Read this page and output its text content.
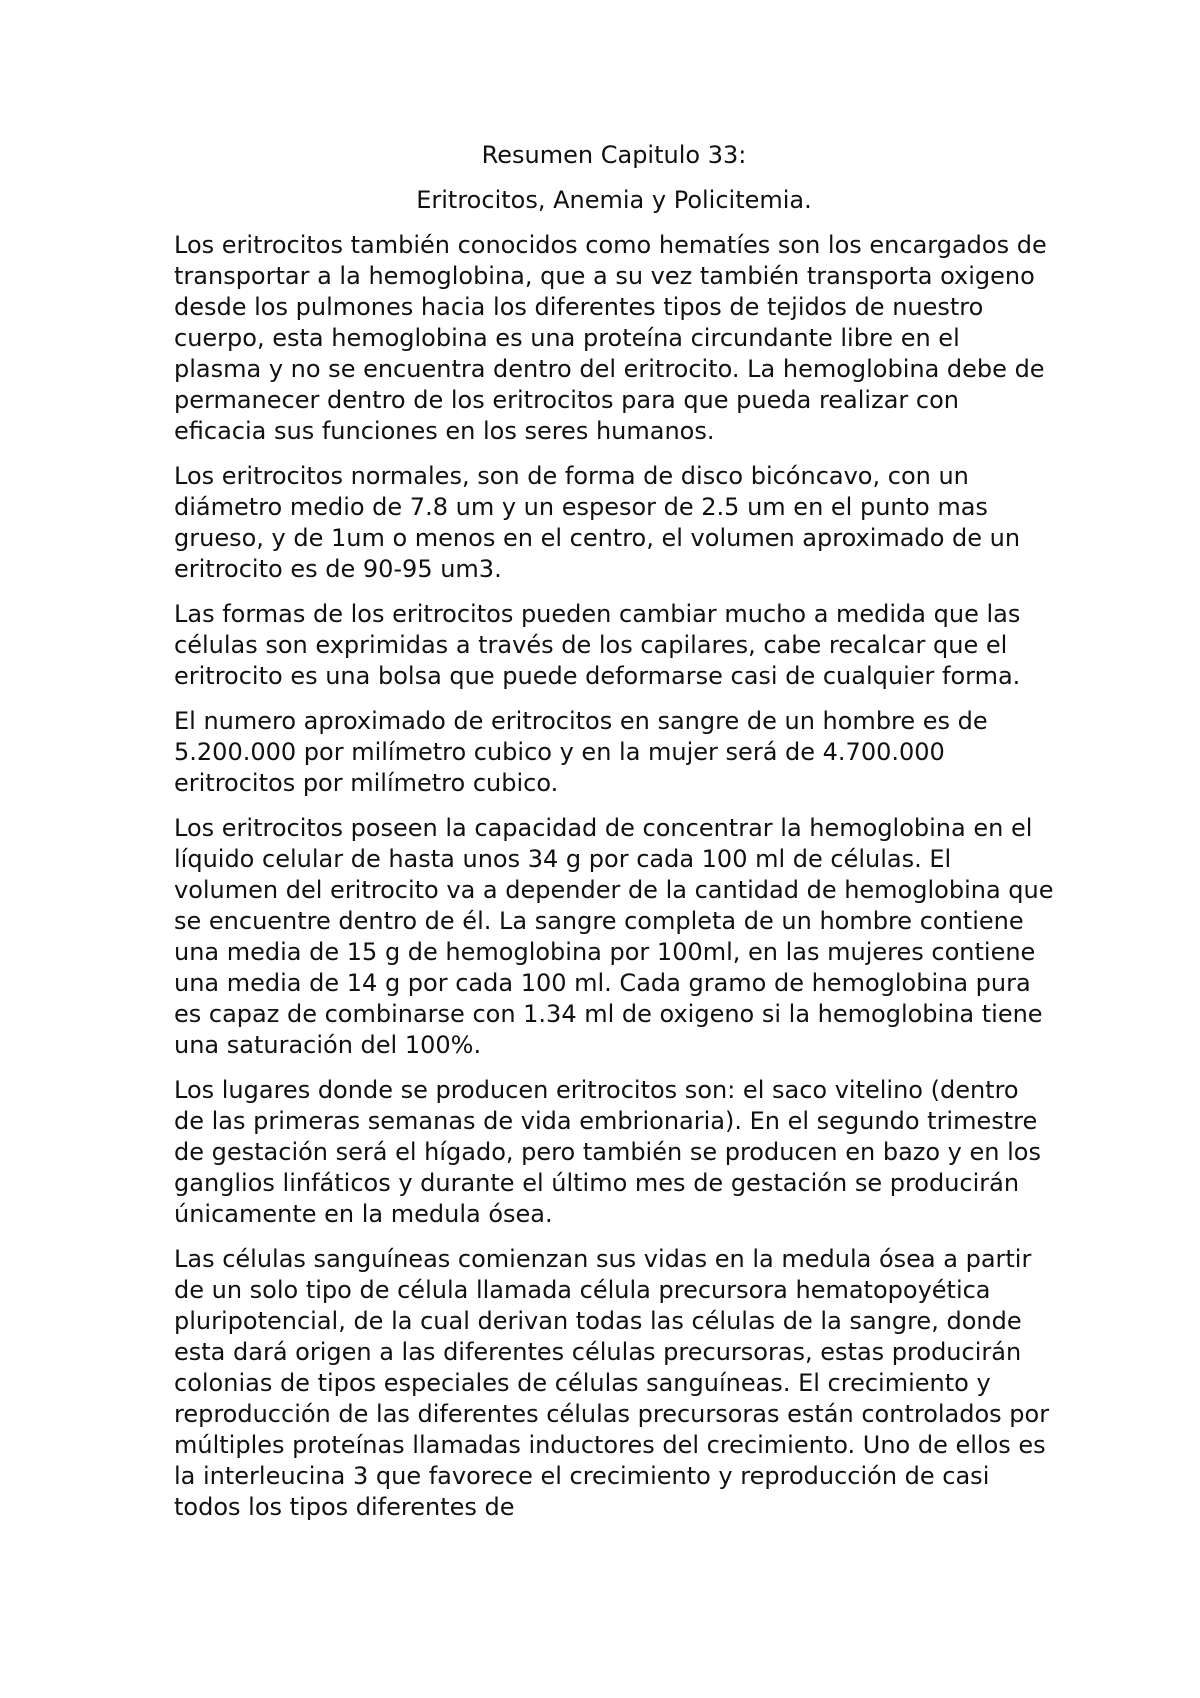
Resumen Capitulo 33:

Eritrocitos, Anemia y Policitemia.

Los eritrocitos también conocidos como hematíes son los encargados de transportar a la hemoglobina, que a su vez también transporta oxigeno desde los pulmones hacia los diferentes tipos de tejidos de nuestro cuerpo, esta hemoglobina es una proteína circundante libre en el plasma y no se encuentra dentro del eritrocito. La hemoglobina debe de permanecer dentro de los eritrocitos para que pueda realizar con eficacia sus funciones en los seres humanos.

Los eritrocitos normales, son de forma de disco bicóncavo, con un diámetro medio de 7.8 um y un espesor de 2.5 um en el punto mas grueso, y de 1um o menos en el centro, el volumen aproximado de un eritrocito es de 90-95 um3.

Las formas de los eritrocitos pueden cambiar mucho a medida que las células son exprimidas a través de los capilares, cabe recalcar que el eritrocito es una bolsa que puede deformarse casi de cualquier forma.

El numero aproximado de eritrocitos en sangre de un hombre es de 5.200.000 por milímetro cubico y en la mujer será de 4.700.000 eritrocitos por milímetro cubico.

Los eritrocitos poseen la capacidad de concentrar la hemoglobina en el líquido celular de hasta unos 34 g por cada 100 ml de células. El volumen del eritrocito va a depender de la cantidad de hemoglobina que se encuentre dentro de él. La sangre completa de un hombre contiene una media de 15 g de hemoglobina por 100ml, en las mujeres contiene una media de 14 g por cada 100 ml. Cada gramo de hemoglobina pura es capaz de combinarse con 1.34 ml de oxigeno si la hemoglobina tiene una saturación del 100%.

Los lugares donde se producen eritrocitos son: el saco vitelino (dentro de las primeras semanas de vida embrionaria). En el segundo trimestre de gestación será el hígado, pero también se producen en bazo y en los ganglios linfáticos y durante el último mes de gestación se producirán únicamente en la medula ósea.

Las células sanguíneas comienzan sus vidas en la medula ósea a partir de un solo tipo de célula llamada célula precursora hematopoyética pluripotencial, de la cual derivan todas las células de la sangre, donde esta dará origen a las diferentes células precursoras, estas producirán colonias de tipos especiales de células sanguíneas. El crecimiento y reproducción de las diferentes células precursoras están controlados por múltiples proteínas llamadas inductores del crecimiento. Uno de ellos es la interleucina 3 que favorece el crecimiento y reproducción de casi todos los tipos diferentes de
